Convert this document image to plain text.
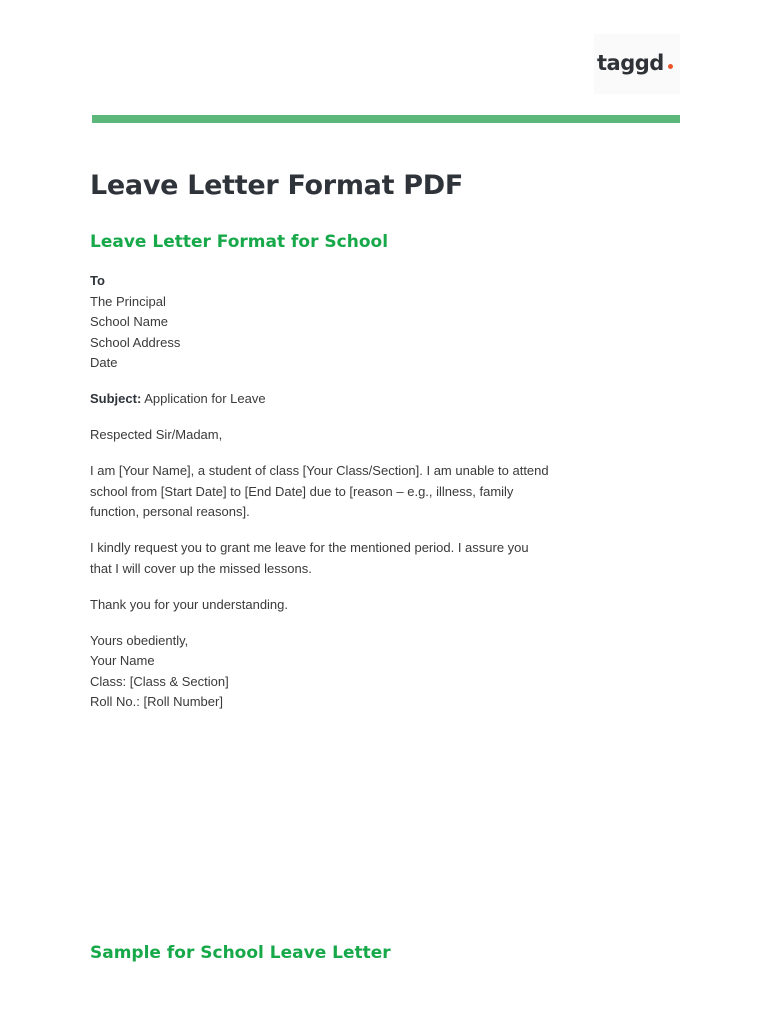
taggd
Leave Letter Format PDF
Leave Letter Format for School

To

The Principal

School Name

School Address

Date

Subject: Application for Leave

Respected Sir/Madam,

I am [Your Name], a student of class [Your Class/Section]. I am unable to attend

school from [Start Date] to [End Date] due to [reason – e.g., illness, family

function, personal reasons].

I kindly request you to grant me leave for the mentioned period. I assure you

that I will cover up the missed lessons.

Thank you for your understanding.

Yours obediently,

Your Name

Class: [Class & Section]

Roll No.: [Roll Number]

Sample for School Leave Letter
